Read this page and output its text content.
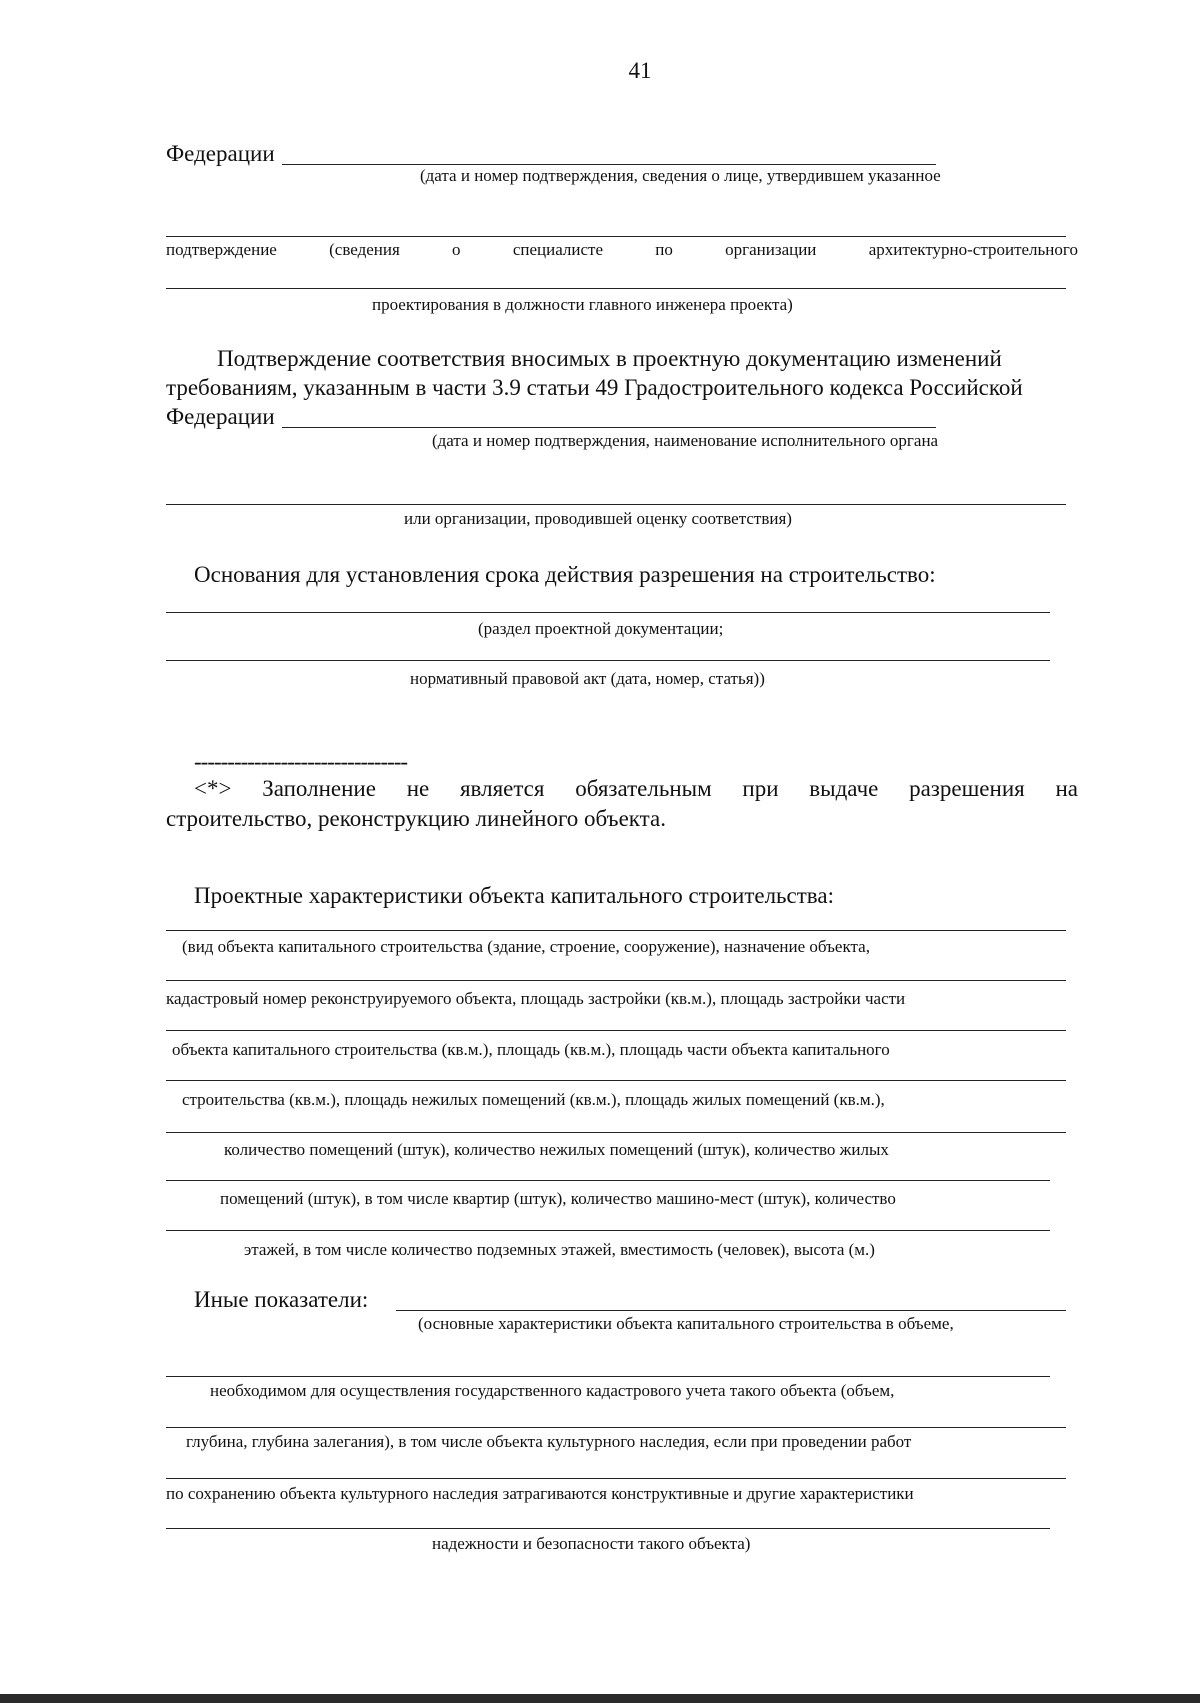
41
Федерации
(дата и номер подтверждения, сведения о лице, утвердившем указанное
подтверждение	(сведения	о	специалисте	по	организации	архитектурно-строительного
проектирования в должности главного инженера проекта)
Подтверждение соответствия вносимых в проектную документацию изменений
требованиям, указанным в части 3.9 статьи 49 Градостроительного кодекса Российской
Федерации
(дата и номер подтверждения, наименование исполнительного органа
или организации, проводившей оценку соответствия)
Основания для установления срока действия разрешения на строительство:
(раздел проектной документации;
нормативный правовой акт (дата, номер, статья))
--------------------------------
<*> Заполнение не является обязательным при выдаче разрешения на
строительство, реконструкцию линейного объекта.
Проектные характеристики объекта капитального строительства:
(вид объекта капитального строительства (здание, строение, сооружение), назначение объекта,
кадастровый номер реконструируемого объекта, площадь застройки (кв.м.), площадь застройки части
объекта капитального строительства (кв.м.), площадь (кв.м.), площадь части объекта капитального
строительства (кв.м.), площадь нежилых помещений (кв.м.), площадь жилых помещений (кв.м.),
количество помещений (штук), количество нежилых помещений (штук), количество жилых
помещений (штук), в том числе квартир (штук), количество машино-мест (штук), количество
этажей, в том числе количество подземных этажей, вместимость (человек), высота (м.)
Иные показатели:
(основные характеристики объекта капитального строительства в объеме,
необходимом для осуществления государственного кадастрового учета такого объекта (объем,
глубина, глубина залегания), в том числе объекта культурного наследия, если при проведении работ
по сохранению объекта культурного наследия затрагиваются конструктивные и другие характеристики
надежности и безопасности такого объекта)
